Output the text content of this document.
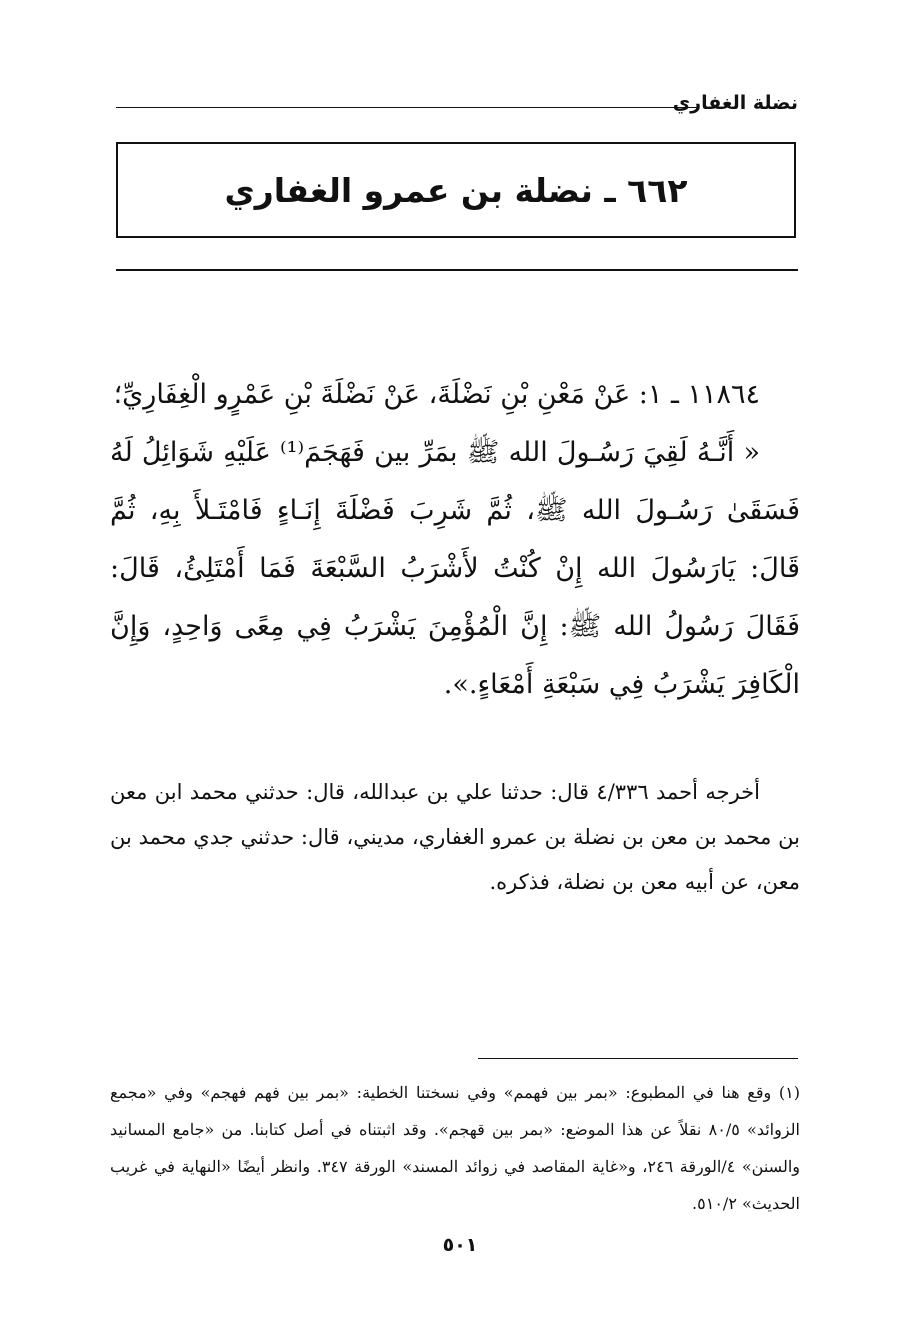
نضلة الغفاري
٦٦٢ ـ نضلة بن عمرو الغفاري

١١٨٦٤ ـ ١: عَنْ مَعْنِ بْنِ نَضْلَةَ، عَنْ نَضْلَةَ بْنِ عَمْرٍو الْغِفَارِيِّ؛

« أَنَّـهُ لَقِيَ رَسُـولَ الله ﷺ بمَرِّ بين فَهَجَمَ⁽¹⁾ عَلَيْهِ شَوَائِلُ لَهُ فَسَقَىٰ رَسُـولَ الله ﷺ، ثُمَّ شَرِبَ فَضْلَةَ إِنَـاءٍ فَامْتَـلأَ بِهِ، ثُمَّ قَالَ: يَارَسُولَ الله إِنْ كُنْتُ لأَشْرَبُ السَّبْعَةَ فَمَا أَمْتَلِئُ، قَالَ: فَقَالَ رَسُولُ الله ﷺ: إِنَّ الْمُؤْمِنَ يَشْرَبُ فِي مِعًى وَاحِدٍ، وَإِنَّ الْكَافِرَ يَشْرَبُ فِي سَبْعَةِ أَمْعَاءٍ.».

أخرجه أحمد ٤/٣٣٦ قال: حدثنا علي بن عبدالله، قال: حدثني محمد ابن معن بن محمد بن معن بن نضلة بن عمرو الغفاري، مديني، قال: حدثني جدي محمد بن معن، عن أبيه معن بن نضلة، فذكره.

(١) وقع هنا في المطبوع: «بمر بين فهمم» وفي نسختنا الخطية: «بمر بين فهم فهجم» وفي «مجمع الزوائد» ٨٠/٥ نقلاً عن هذا الموضع: «بمر بين قهجم». وقد اثبتناه في أصل كتابنا. من «جامع المسانيد والسنن» ٤/الورقة ٢٤٦، و«غاية المقاصد في زوائد المسند» الورقة ٣٤٧. وانظر أيضًا «النهاية في غريب الحديث» ٥١٠/٢.

٥٠١
